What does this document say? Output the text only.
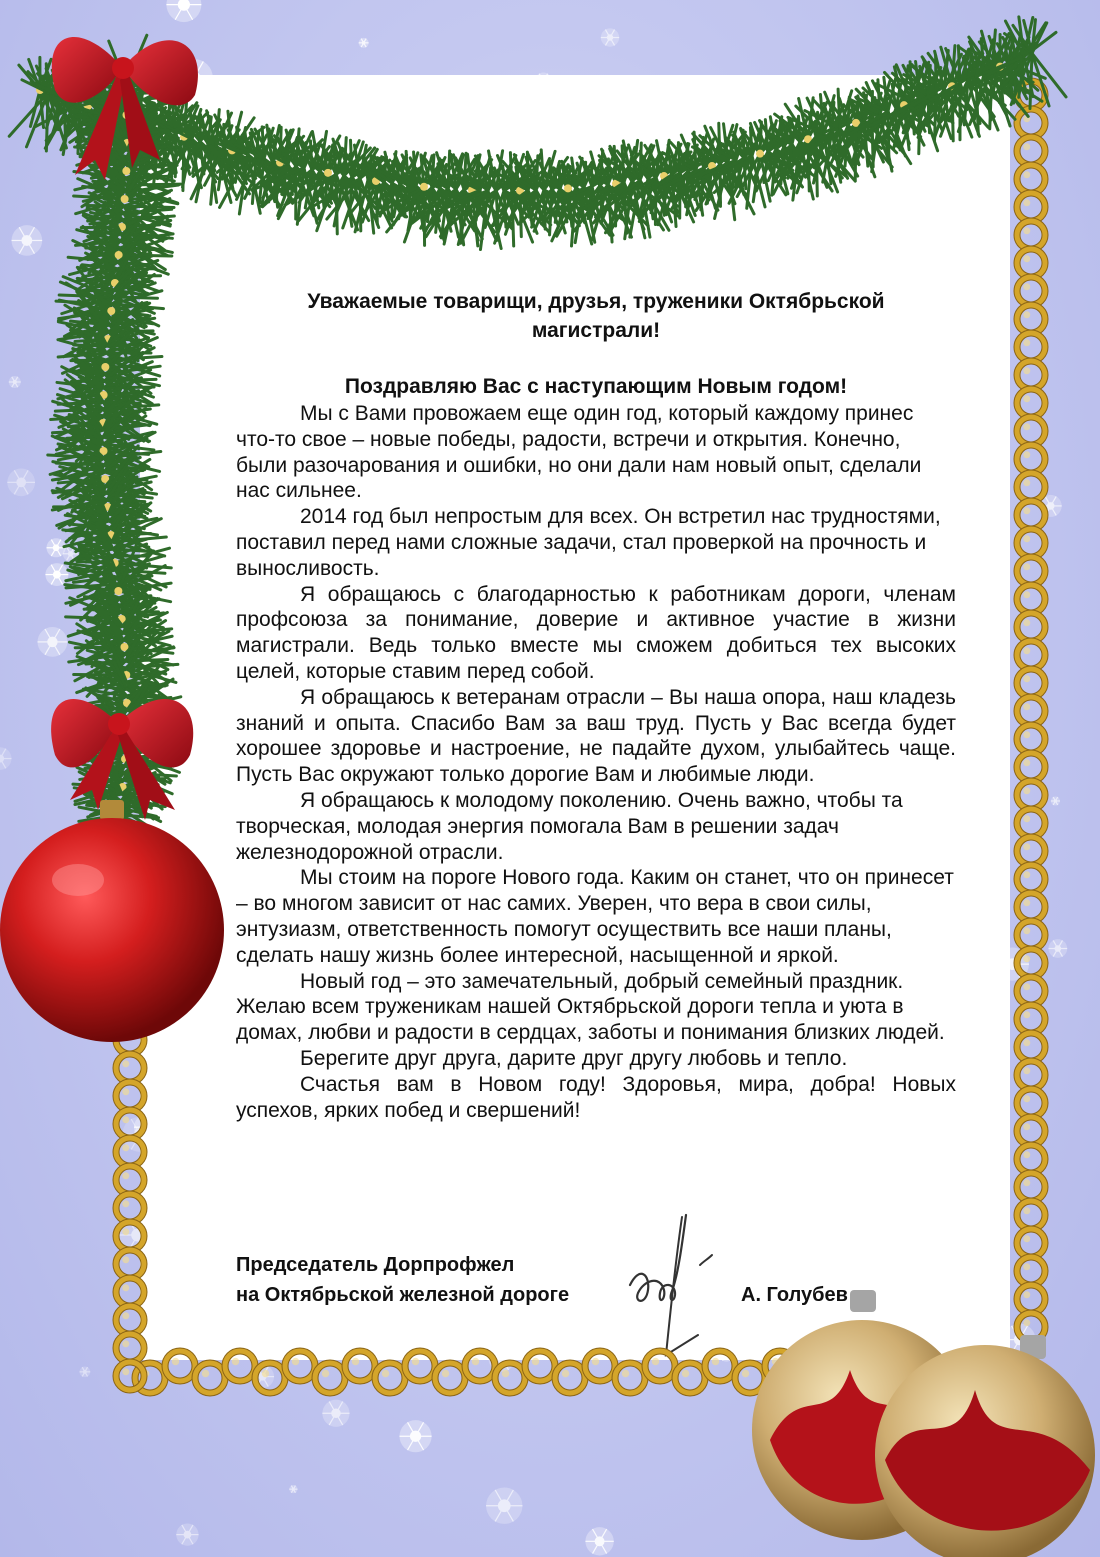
Уважаемые товарищи, друзья, труженики Октябрьской
магистрали!

Поздравляю Вас с наступающим Новым годом!

Мы с Вами провожаем еще один год, который каждому принес что-то свое – новые победы, радости, встречи и открытия. Конечно, были разочарования и ошибки, но они дали нам новый опыт, сделали нас сильнее.

2014 год был непростым для всех. Он встретил нас трудностями, поставил перед нами сложные задачи, стал проверкой на прочность и выносливость.

Я обращаюсь с благодарностью к работникам дороги, членам профсоюза за понимание, доверие и активное участие в жизни магистрали. Ведь только вместе мы сможем добиться тех высоких целей, которые ставим перед собой.

Я обращаюсь к ветеранам отрасли – Вы наша опора, наш кладезь знаний и опыта. Спасибо Вам за ваш труд. Пусть у Вас всегда будет хорошее здоровье и настроение, не падайте духом, улыбайтесь чаще. Пусть Вас окружают только дорогие Вам и любимые люди.

Я обращаюсь к молодому поколению. Очень важно, чтобы та творческая, молодая энергия помогала Вам в решении задач железнодорожной отрасли.

Мы стоим на пороге Нового года. Каким он станет, что он принесет – во многом зависит от нас самих. Уверен, что вера в свои силы, энтузиазм, ответственность помогут осуществить все наши планы, сделать нашу жизнь более интересной, насыщенной и яркой.

Новый год – это замечательный, добрый семейный праздник. Желаю всем труженикам нашей Октябрьской дороги тепла и уюта в домах, любви и радости в сердцах, заботы и понимания близких людей.

Берегите друг друга, дарите друг другу любовь и тепло.

Счастья вам в Новом году! Здоровья, мира, добра! Новых успехов, ярких побед и свершений!

Председатель Дорпрофжел
на Октябрьской железной дороге	А. Голубев
